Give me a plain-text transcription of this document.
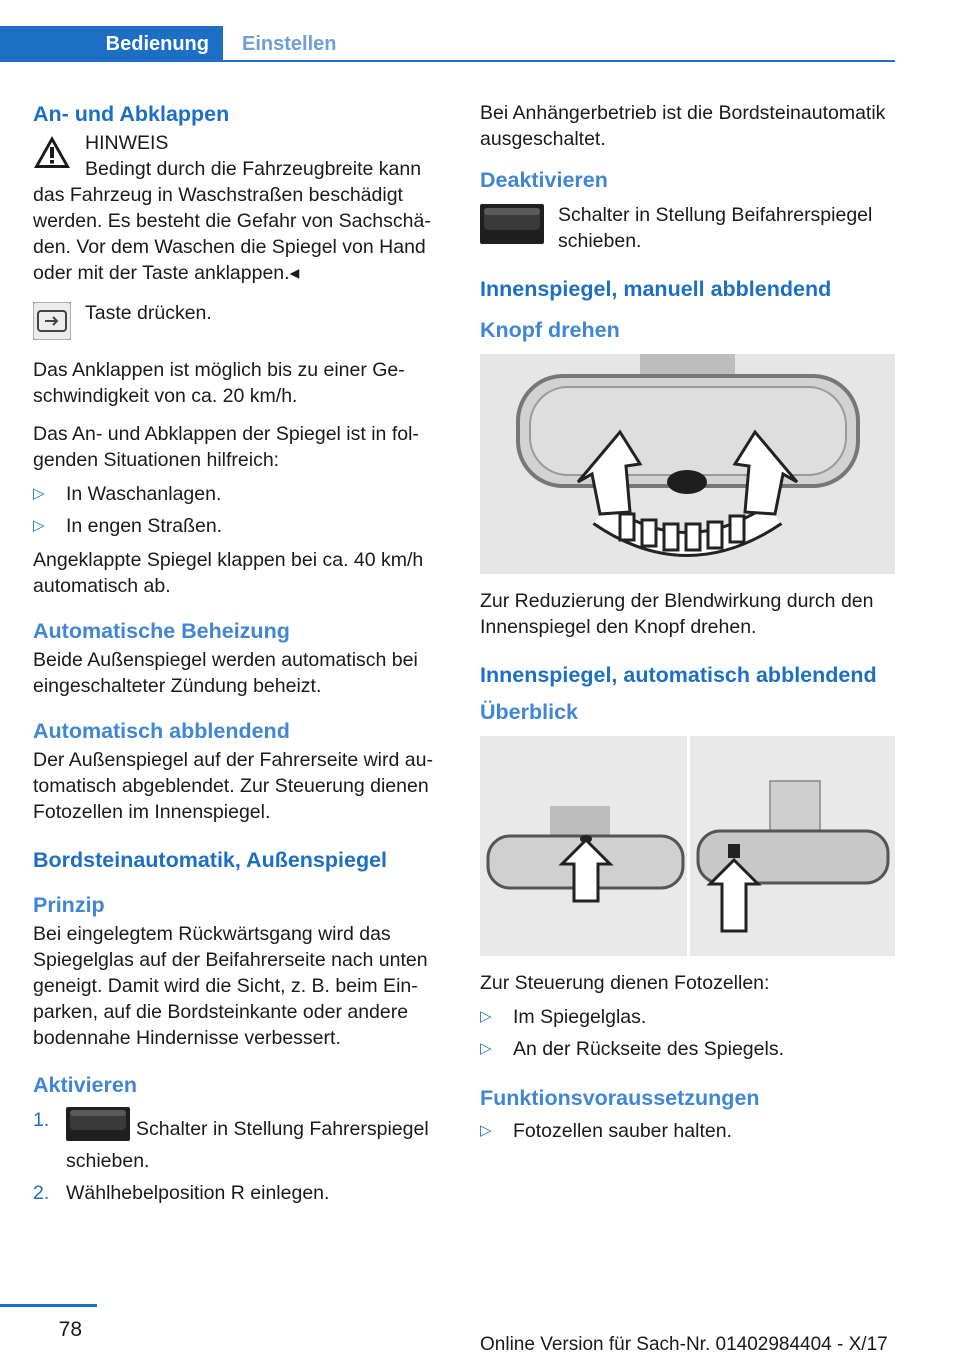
Bedienung	Einstellen
An- und Abklappen
HINWEIS
Bedingt durch die Fahrzeugbreite kann
das Fahrzeug in Waschstraßen beschädigt werden. Es besteht die Gefahr von Sachschäden. Vor dem Waschen die Spiegel von Hand oder mit der Taste anklappen.◂
Taste drücken.

Das Anklappen ist möglich bis zu einer Geschwindigkeit von ca. 20 km/h.

Das An- und Abklappen der Spiegel ist in folgenden Situationen hilfreich:

▷ In Waschanlagen.
▷ In engen Straßen.

Angeklappte Spiegel klappen bei ca. 40 km/h automatisch ab.

Automatische Beheizung

Beide Außenspiegel werden automatisch bei eingeschalteter Zündung beheizt.

Automatisch abblendend

Der Außenspiegel auf der Fahrerseite wird automatisch abgeblendet. Zur Steuerung dienen Fotozellen im Innenspiegel.

Bordsteinautomatik, Außenspiegel
Prinzip

Bei eingelegtem Rückwärtsgang wird das Spiegelglas auf der Beifahrerseite nach unten geneigt. Damit wird die Sicht, z. B. beim Einparken, auf die Bordsteinkante oder andere bodennahe Hindernisse verbessert.

Aktivieren
1.	Schalter in Stellung Fahrerspiegel schieben.
2. Wählhebelposition R einlegen.

Bei Anhängerbetrieb ist die Bordsteinautomatik ausgeschaltet.

Deaktivieren
Schalter in Stellung Beifahrerspiegel schieben.
Innenspiegel, manuell abblendend
Knopf drehen

Zur Reduzierung der Blendwirkung durch den Innenspiegel den Knopf drehen.

Innenspiegel, automatisch abblendend
Überblick

Zur Steuerung dienen Fotozellen:

▷ Im Spiegelglas.
▷ An der Rückseite des Spiegels.
Funktionsvoraussetzungen
▷ Fotozellen sauber halten.
78
Online Version für Sach-Nr. 01402984404 - X/17
